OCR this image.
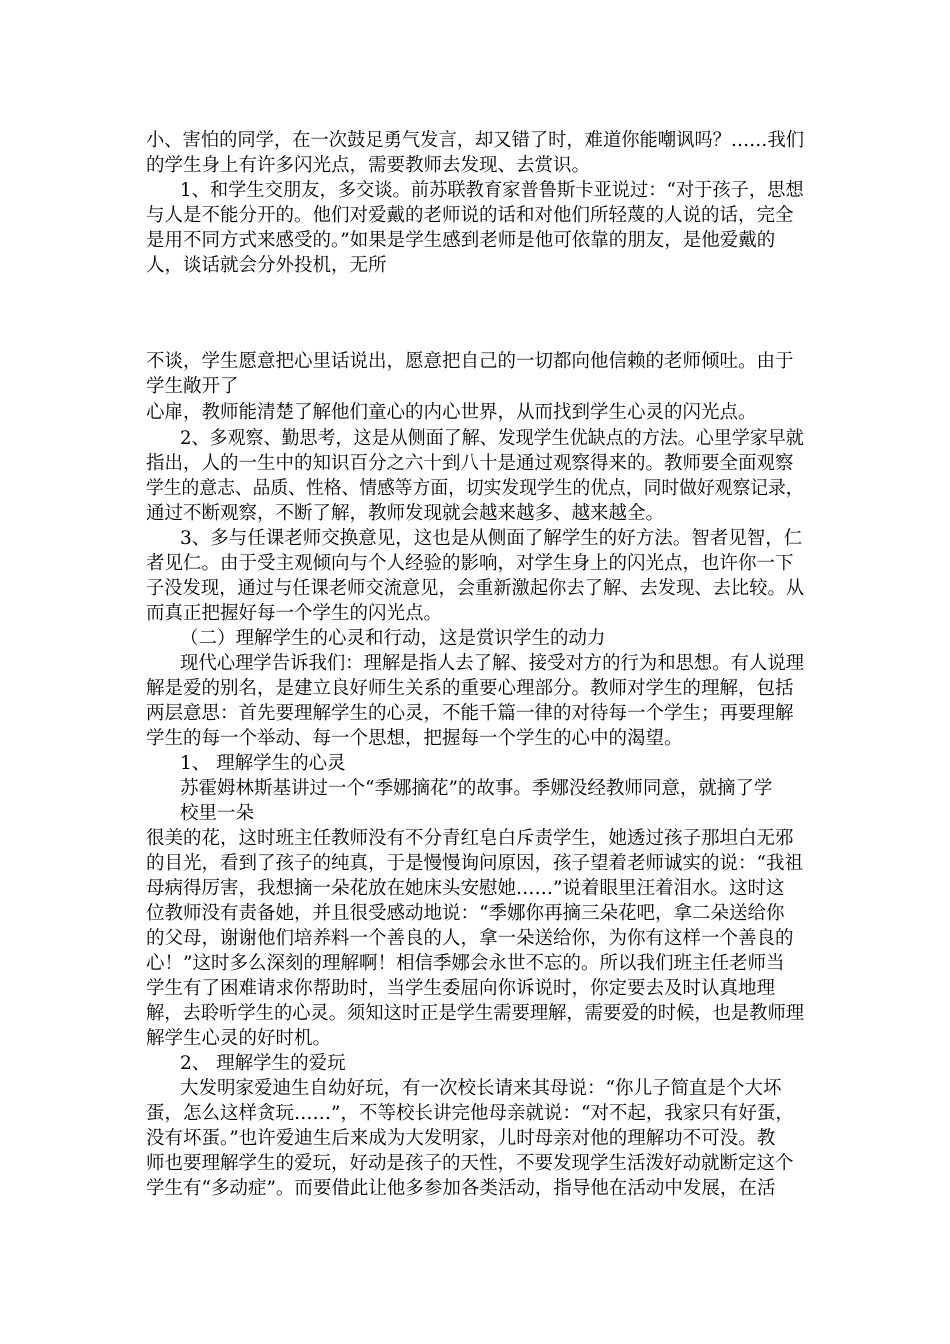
小、害怕的同学，在一次鼓足勇气发言，却又错了时，难道你能嘲讽吗？……我们
的学生身上有许多闪光点，需要教师去发现、去赏识。
1、和学生交朋友，多交谈。前苏联教育家普鲁斯卡亚说过：“对于孩子，思想
与人是不能分开的。他们对爱戴的老师说的话和对他们所轻蔑的人说的话，完全
是用不同方式来感受的。”如果是学生感到老师是他可依靠的朋友，是他爱戴的
人，谈话就会分外投机，无所
不谈，学生愿意把心里话说出，愿意把自己的一切都向他信赖的老师倾吐。由于
学生敞开了
心扉，教师能清楚了解他们童心的内心世界，从而找到学生心灵的闪光点。
2、多观察、勤思考，这是从侧面了解、发现学生优缺点的方法。心里学家早就
指出，人的一生中的知识百分之六十到八十是通过观察得来的。教师要全面观察
学生的意志、品质、性格、情感等方面，切实发现学生的优点，同时做好观察记录，
通过不断观察，不断了解，教师发现就会越来越多、越来越全。
3、多与任课老师交换意见，这也是从侧面了解学生的好方法。智者见智，仁
者见仁。由于受主观倾向与个人经验的影响，对学生身上的闪光点，也许你一下
子没发现，通过与任课老师交流意见，会重新激起你去了解、去发现、去比较。从
而真正把握好每一个学生的闪光点。
（二）理解学生的心灵和行动，这是赏识学生的动力
现代心理学告诉我们：理解是指人去了解、接受对方的行为和思想。有人说理
解是爱的别名，是建立良好师生关系的重要心理部分。教师对学生的理解，包括
两层意思：首先要理解学生的心灵，不能千篇一律的对待每一个学生；再要理解
学生的每一个举动、每一个思想，把握每一个学生的心中的渴望。
1、 理解学生的心灵
苏霍姆林斯基讲过一个“季娜摘花”的故事。季娜没经教师同意，就摘了学
校里一朵
很美的花，这时班主任教师没有不分青红皂白斥责学生，她透过孩子那坦白无邪
的目光，看到了孩子的纯真，于是慢慢询问原因，孩子望着老师诚实的说：“我祖
母病得厉害，我想摘一朵花放在她床头安慰她……”说着眼里汪着泪水。这时这
位教师没有责备她，并且很受感动地说：“季娜你再摘三朵花吧，拿二朵送给你
的父母，谢谢他们培养料一个善良的人，拿一朵送给你，为你有这样一个善良的
心！”这时多么深刻的理解啊！相信季娜会永世不忘的。所以我们班主任老师当
学生有了困难请求你帮助时，当学生委屈向你诉说时，你定要去及时认真地理
解，去聆听学生的心灵。须知这时正是学生需要理解，需要爱的时候，也是教师理
解学生心灵的好时机。
2、 理解学生的爱玩
大发明家爱迪生自幼好玩，有一次校长请来其母说：“你儿子简直是个大坏
蛋，怎么这样贪玩……”，不等校长讲完他母亲就说：“对不起，我家只有好蛋，
没有坏蛋。”也许爱迪生后来成为大发明家，儿时母亲对他的理解功不可没。教
师也要理解学生的爱玩，好动是孩子的天性，不要发现学生活泼好动就断定这个
学生有“多动症”。而要借此让他多参加各类活动，指导他在活动中发展，在活
